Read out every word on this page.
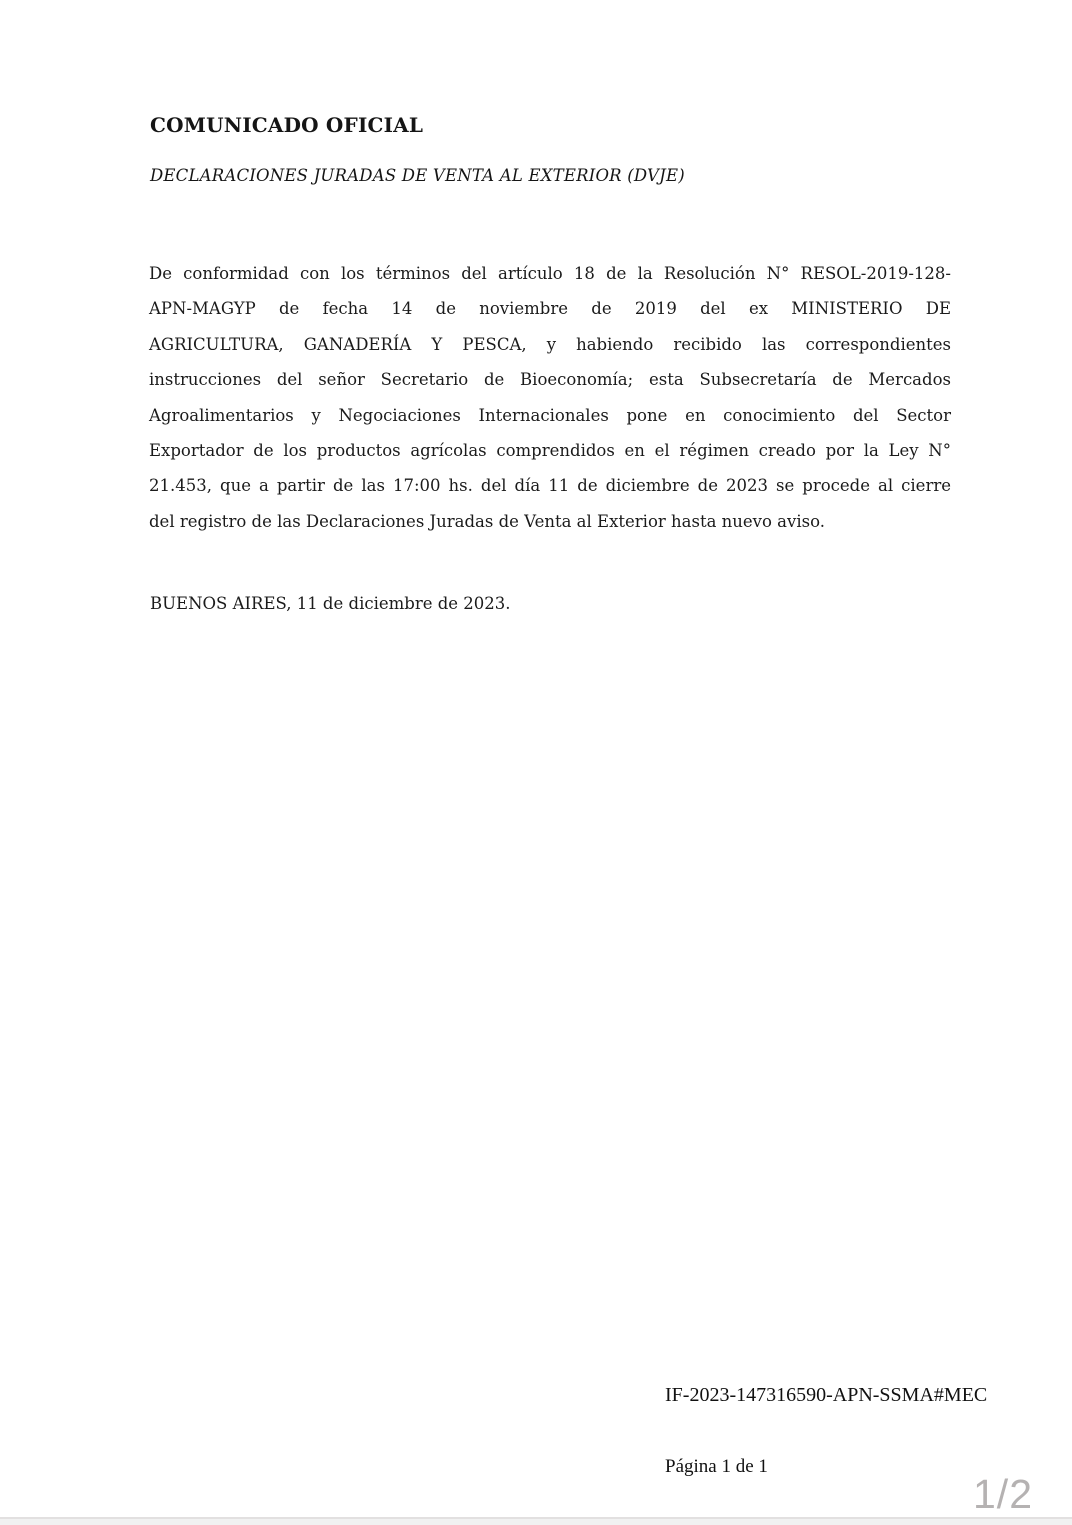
COMUNICADO OFICIAL
DECLARACIONES JURADAS DE VENTA AL EXTERIOR (DVJE)
De conformidad con los términos del artículo 18 de la Resolución N° RESOL-2019-128-
APN-MAGYP de fecha 14 de noviembre de 2019 del ex MINISTERIO DE
AGRICULTURA, GANADERÍA Y PESCA, y habiendo recibido las correspondientes
instrucciones del señor Secretario de Bioeconomía; esta Subsecretaría de Mercados
Agroalimentarios y Negociaciones Internacionales pone en conocimiento del Sector
Exportador de los productos agrícolas comprendidos en el régimen creado por la Ley N°
21.453, que a partir de las 17:00 hs. del día 11 de diciembre de 2023 se procede al cierre
del registro de las Declaraciones Juradas de Venta al Exterior hasta nuevo aviso.

BUENOS AIRES, 11 de diciembre de 2023.

IF-2023-147316590-APN-SSMA#MEC
Página 1 de 1
1/2
